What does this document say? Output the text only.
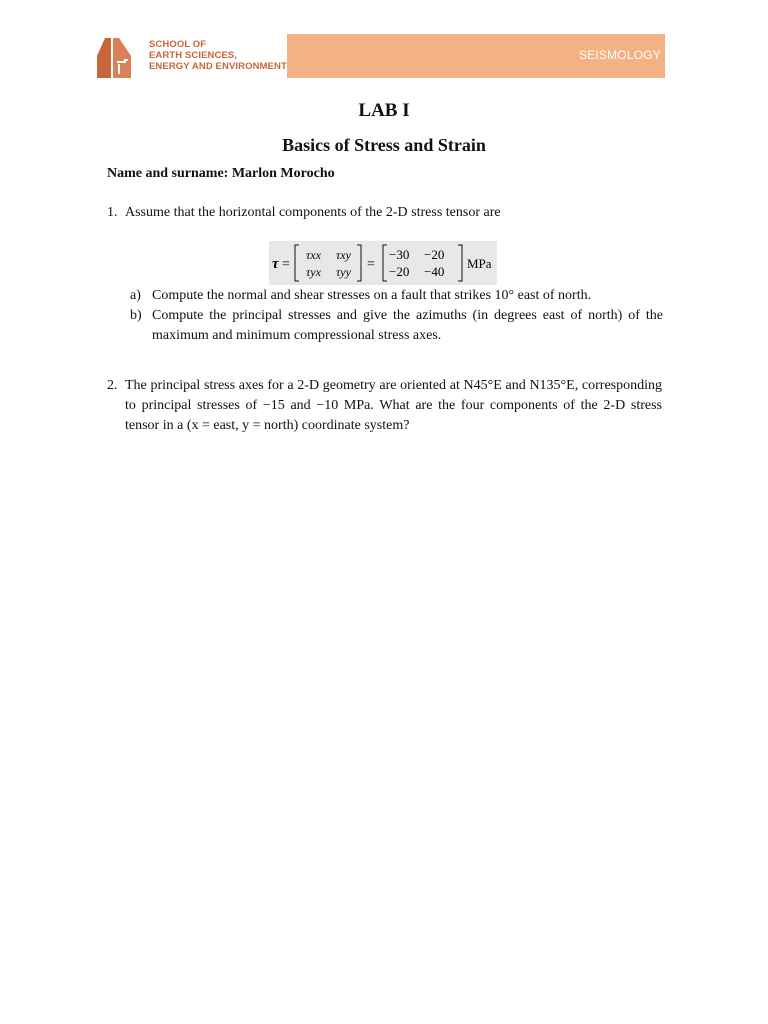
SCHOOL OF
EARTH SCIENCES,
ENERGY AND ENVIRONMENT
SEISMOLOGY
LAB I
Basics of Stress and Strain
Name and surname: Marlon Morocho
1. Assume that the horizontal components of the 2-D stress tensor are
τ =
τxx τxy
τyx τyy =
−30 −20
−20 −40
MPa
a) Compute the normal and shear stresses on a fault that strikes 10° east of north.
b) Compute the principal stresses and give the azimuths (in degrees east of north) of the maximum and minimum compressional stress axes.
2. The principal stress axes for a 2-D geometry are oriented at N45°E and N135°E, corresponding to principal stresses of −15 and −10 MPa. What are the four components of the 2-D stress tensor in a (x = east, y = north) coordinate system?
